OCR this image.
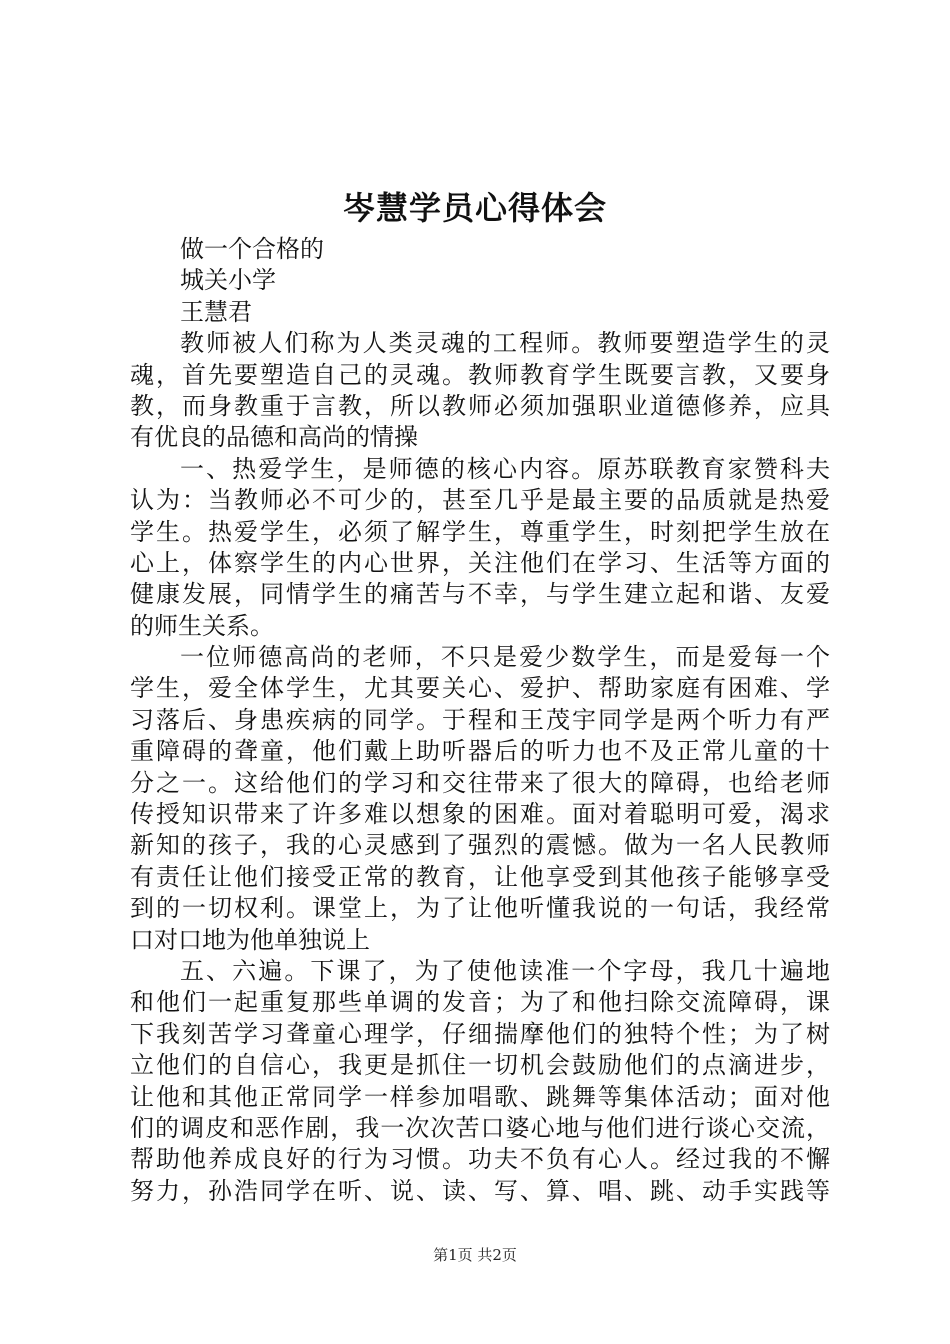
岑慧学员心得体会
做一个合格的
城关小学
王慧君
教师被人们称为人类灵魂的工程师。教师要塑造学生的灵
魂，首先要塑造自己的灵魂。教师教育学生既要言教，又要身
教，而身教重于言教，所以教师必须加强职业道德修养，应具
有优良的品德和高尚的情操
一、热爱学生，是师德的核心内容。原苏联教育家赞科夫
认为：当教师必不可少的，甚至几乎是最主要的品质就是热爱
学生。热爱学生，必须了解学生，尊重学生，时刻把学生放在
心上，体察学生的内心世界，关注他们在学习、生活等方面的
健康发展，同情学生的痛苦与不幸，与学生建立起和谐、友爱
的师生关系。
一位师德高尚的老师，不只是爱少数学生，而是爱每一个
学生，爱全体学生，尤其要关心、爱护、帮助家庭有困难、学
习落后、身患疾病的同学。于程和王茂宇同学是两个听力有严
重障碍的聋童，他们戴上助听器后的听力也不及正常儿童的十
分之一。这给他们的学习和交往带来了很大的障碍，也给老师
传授知识带来了许多难以想象的困难。面对着聪明可爱，渴求
新知的孩子，我的心灵感到了强烈的震憾。做为一名人民教师
有责任让他们接受正常的教育，让他享受到其他孩子能够享受
到的一切权利。课堂上，为了让他听懂我说的一句话，我经常
口对口地为他单独说上
五、六遍。下课了，为了使他读准一个字母，我几十遍地
和他们一起重复那些单调的发音；为了和他扫除交流障碍，课
下我刻苦学习聋童心理学，仔细揣摩他们的独特个性；为了树
立他们的自信心，我更是抓住一切机会鼓励他们的点滴进步，
让他和其他正常同学一样参加唱歌、跳舞等集体活动；面对他
们的调皮和恶作剧，我一次次苦口婆心地与他们进行谈心交流，
帮助他养成良好的行为习惯。功夫不负有心人。经过我的不懈
努力，孙浩同学在听、说、读、写、算、唱、跳、动手实践等
第1页 共2页
